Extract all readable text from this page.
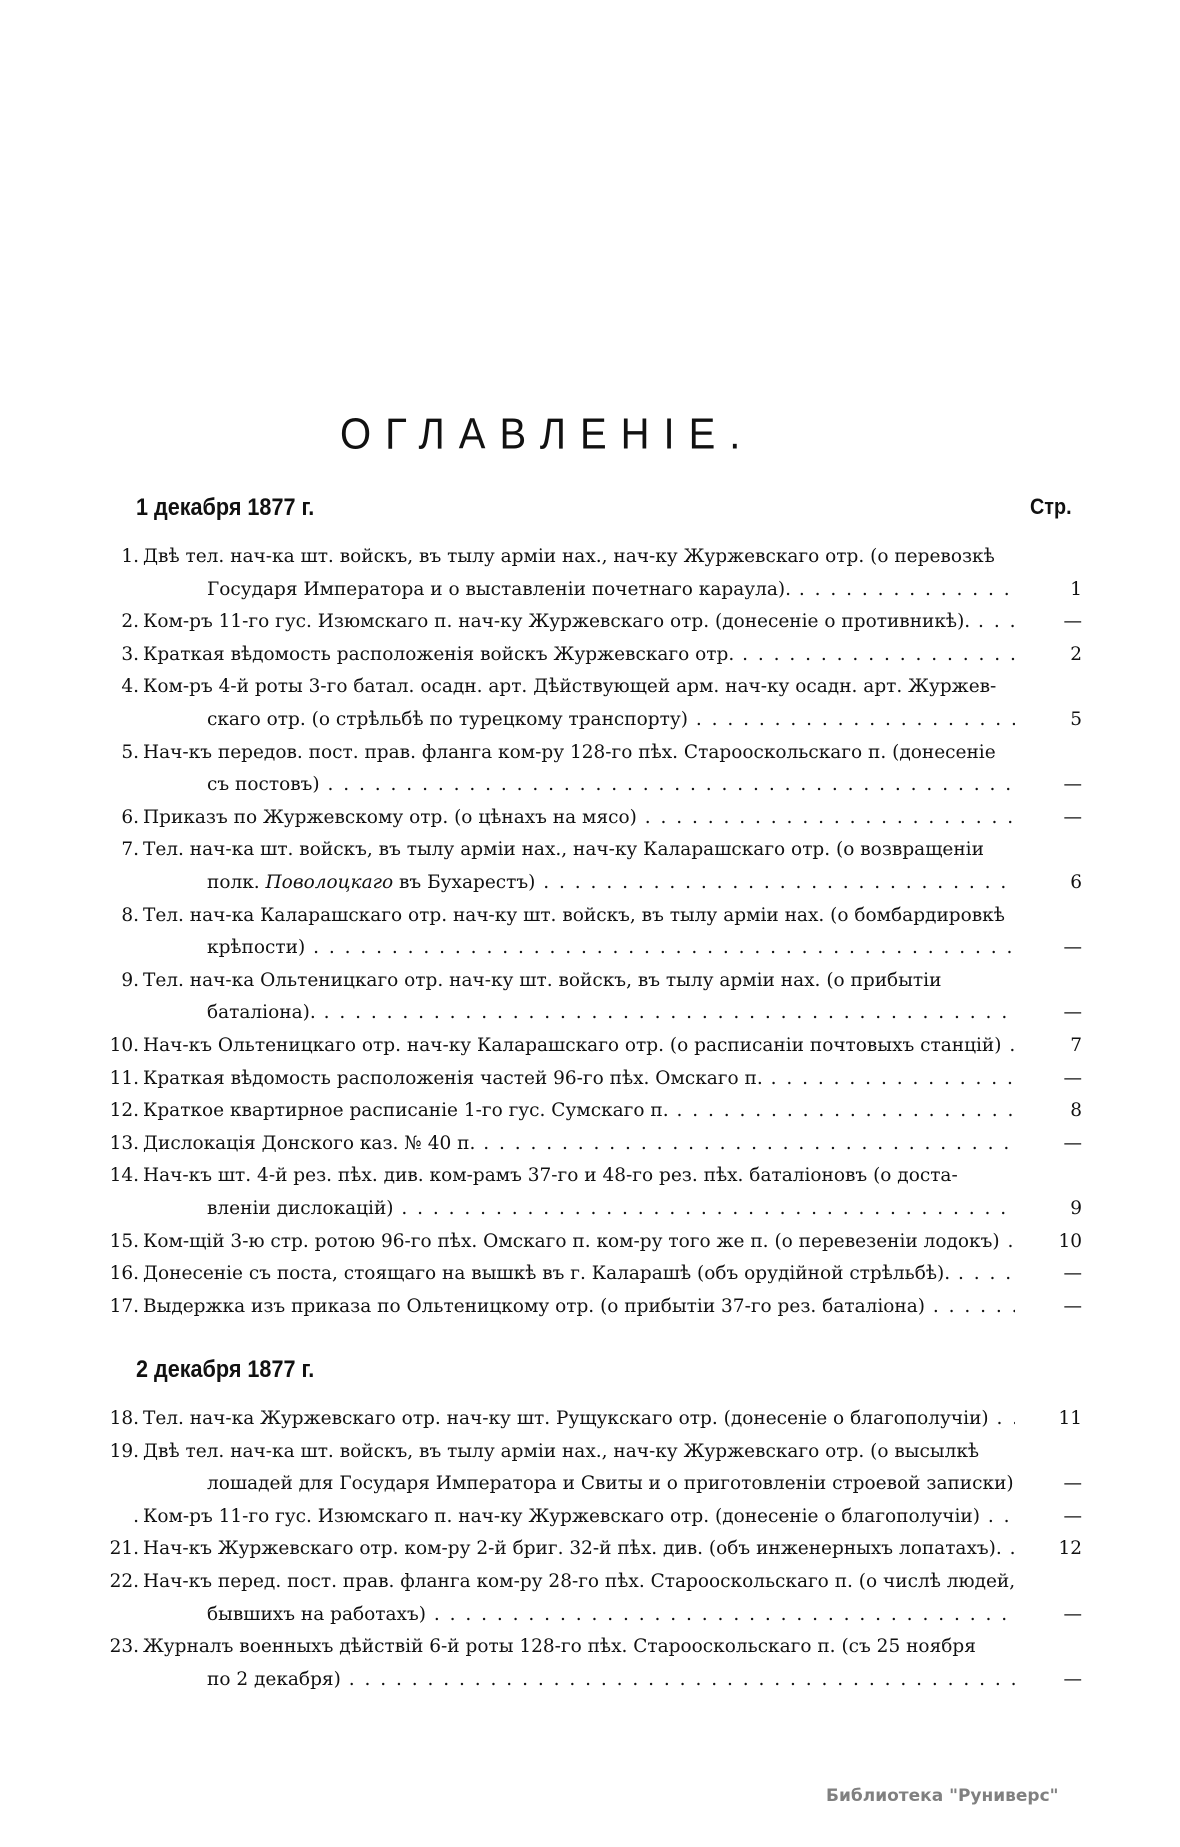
ОГЛАВЛЕНIЕ.
Стр.
1 декабря 1877 г.
1. Двѣ тел. нач-ка шт. войскъ, въ тылу арміи нах., нач-ку Журжевскаго отр. (о перевозкѣ
Государя Императора и о выставленіи почетнаго караула). . . .	1
2. Ком-ръ 11-го гус. Изюмскаго п. нач-ку Журжевскаго отр. (донесеніе о противникѣ). . . .	—
3. Краткая вѣдомость расположенія войскъ Журжевскаго отр. . . .	2
4. Ком-ръ 4-й роты 3-го батал. осадн. арт. Дѣйствующей арм. нач-ку осадн. арт. Журжев-
скаго отр. (о стрѣльбѣ по турецкому транспорту) . . .	5
5. Нач-къ передов. пост. прав. фланга ком-ру 128-го пѣх. Старооскольскаго п. (донесеніе
съ постовъ) . . .	—
6. Приказъ по Журжевскому отр. (о цѣнахъ на мясо) . . .	—
7. Тел. нач-ка шт. войскъ, въ тылу арміи нах., нач-ку Каларашскаго отр. (о возвращеніи
полк. Поволоцкаго въ Бухарестъ) . . .	6
8. Тел. нач-ка Каларашскаго отр. нач-ку шт. войскъ, въ тылу арміи нах. (о бомбардировкѣ
крѣпости) . . .	—
9. Тел. нач-ка Ольтеницкаго отр. нач-ку шт. войскъ, въ тылу арміи нах. (о прибытіи
баталіона). . . .	—
10. Нач-къ Ольтеницкаго отр. нач-ку Каларашскаго отр. (о расписаніи почтовыхъ станцій) . . .	7
11. Краткая вѣдомость расположенія частей 96-го пѣх. Омскаго п. . . .	—
12. Краткое квартирное расписаніе 1-го гус. Сумскаго п. . . .	8
13. Дислокація Донского каз. № 40 п. . . .	—
14. Нач-къ шт. 4-й рез. пѣх. див. ком-рамъ 37-го и 48-го рез. пѣх. баталіоновъ (о доста-
вленіи дислокацій) . . .	9
15. Ком-щій 3-ю стр. ротою 96-го пѣх. Омскаго п. ком-ру того же п. (о перевезеніи лодокъ) . . .	10
16. Донесеніе съ поста, стоящаго на вышкѣ въ г. Каларашѣ (объ орудійной стрѣльбѣ). . . .	—
17. Выдержка изъ приказа по Ольтеницкому отр. (о прибытіи 37-го рез. баталіона) . . .	—
2 декабря 1877 г.
18. Тел. нач-ка Журжевскаго отр. нач-ку шт. Рущукскаго отр. (донесеніе о благополучіи) . . .	11
19. Двѣ тел. нач-ка шт. войскъ, въ тылу арміи нах., нач-ку Журжевскаго отр. (о высылкѣ
лошадей для Государя Императора и Свиты и о приготовленіи строевой записки) . . .	—
. Ком-ръ 11-го гус. Изюмскаго п. нач-ку Журжевскаго отр. (донесеніе о благополучіи) . . .	—
21. Нач-къ Журжевскаго отр. ком-ру 2-й бриг. 32-й пѣх. див. (объ инженерныхъ лопатахъ). . . .	12
22. Нач-къ перед. пост. прав. фланга ком-ру 28-го пѣх. Старооскольскаго п. (о числѣ людей,
бывшихъ на работахъ) . . .	—
23. Журналъ военныхъ дѣйствій 6-й роты 128-го пѣх. Старооскольскаго п. (съ 25 ноября
по 2 декабря) . . .	—
Библиотека "Руниверс"
